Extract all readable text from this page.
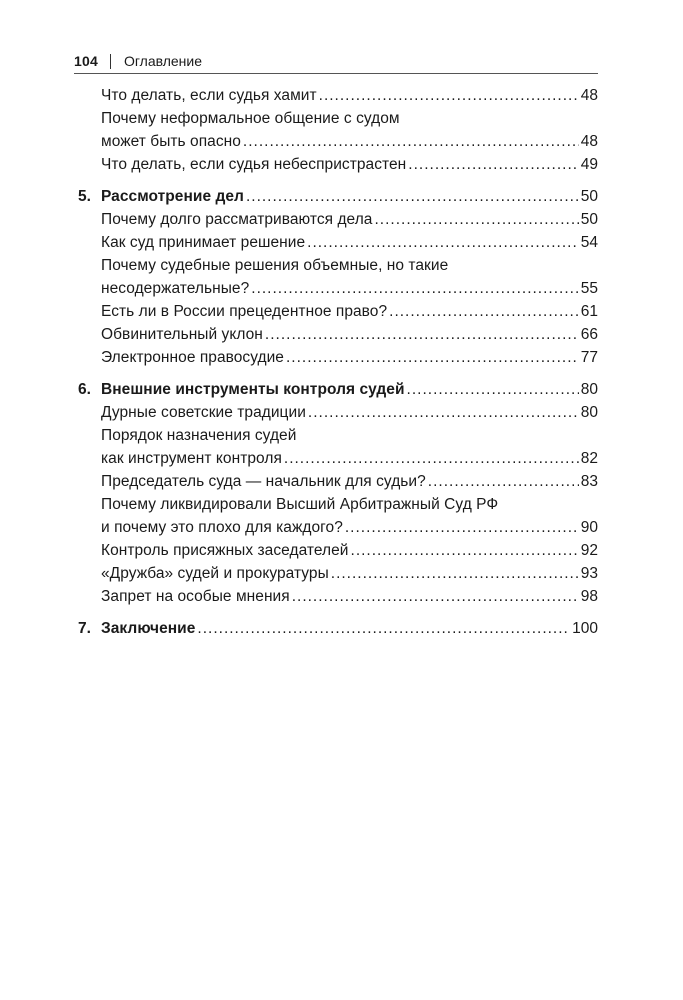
104 Оглавление
Что делать, если судья хамит .....	48
Почему неформальное общение с судом
может быть опасно .....	48
Что делать, если судья небеспристрастен .....	49
5. Рассмотрение дел .....	50
Почему долго рассматриваются дела .....	50
Как суд принимает решение .....	54
Почему судебные решения объемные, но такие
несодержательные? .....	55
Есть ли в России прецедентное право? .....	61
Обвинительный уклон .....	66
Электронное правосудие .....	77
6. Внешние инструменты контроля судей .....	80
Дурные советские традиции .....	80
Порядок назначения судей
как инструмент контроля .....	82
Председатель суда — начальник для судьи? .....	83
Почему ликвидировали Высший Арбитражный Суд РФ
и почему это плохо для каждого? .....	90
Контроль присяжных заседателей .....	92
«Дружба» судей и прокуратуры .....	93
Запрет на особые мнения .....	98
7. Заключение .....	100
